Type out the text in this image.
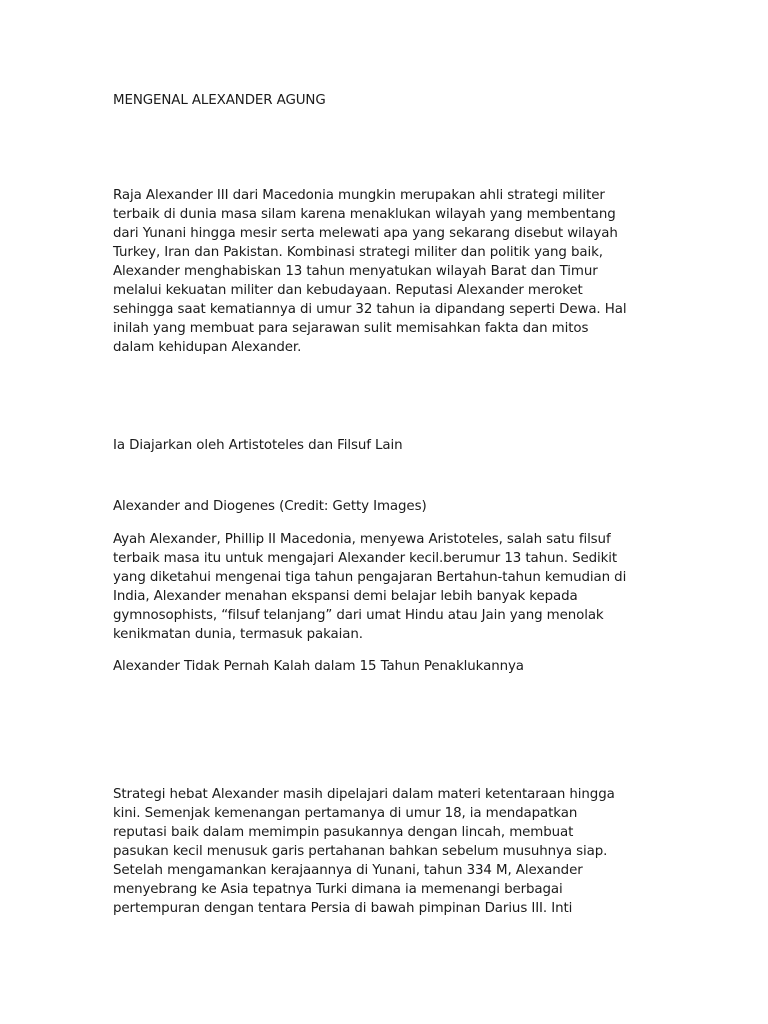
MENGENAL ALEXANDER AGUNG

Raja Alexander III dari Macedonia mungkin merupakan ahli strategi militer
terbaik di dunia masa silam karena menaklukan wilayah yang membentang
dari Yunani hingga mesir serta melewati apa yang sekarang disebut wilayah
Turkey, Iran dan Pakistan. Kombinasi strategi militer dan politik yang baik,
Alexander menghabiskan 13 tahun menyatukan wilayah Barat dan Timur
melalui kekuatan militer dan kebudayaan. Reputasi Alexander meroket
sehingga saat kematiannya di umur 32 tahun ia dipandang seperti Dewa. Hal
inilah yang membuat para sejarawan sulit memisahkan fakta dan mitos
dalam kehidupan Alexander.

Ia Diajarkan oleh Artistoteles dan Filsuf Lain

Alexander and Diogenes (Credit: Getty Images)

Ayah Alexander, Phillip II Macedonia, menyewa Aristoteles, salah satu filsuf
terbaik masa itu untuk mengajari Alexander kecil.berumur 13 tahun. Sedikit
yang diketahui mengenai tiga tahun pengajaran Bertahun-tahun kemudian di
India, Alexander menahan ekspansi demi belajar lebih banyak kepada
gymnosophists, “filsuf telanjang” dari umat Hindu atau Jain yang menolak
kenikmatan dunia, termasuk pakaian.

Alexander Tidak Pernah Kalah dalam 15 Tahun Penaklukannya

Strategi hebat Alexander masih dipelajari dalam materi ketentaraan hingga
kini. Semenjak kemenangan pertamanya di umur 18, ia mendapatkan
reputasi baik dalam memimpin pasukannya dengan lincah, membuat
pasukan kecil menusuk garis pertahanan bahkan sebelum musuhnya siap.
Setelah mengamankan kerajaannya di Yunani, tahun 334 M, Alexander
menyebrang ke Asia tepatnya Turki dimana ia memenangi berbagai
pertempuran dengan tentara Persia di bawah pimpinan Darius III. Inti
